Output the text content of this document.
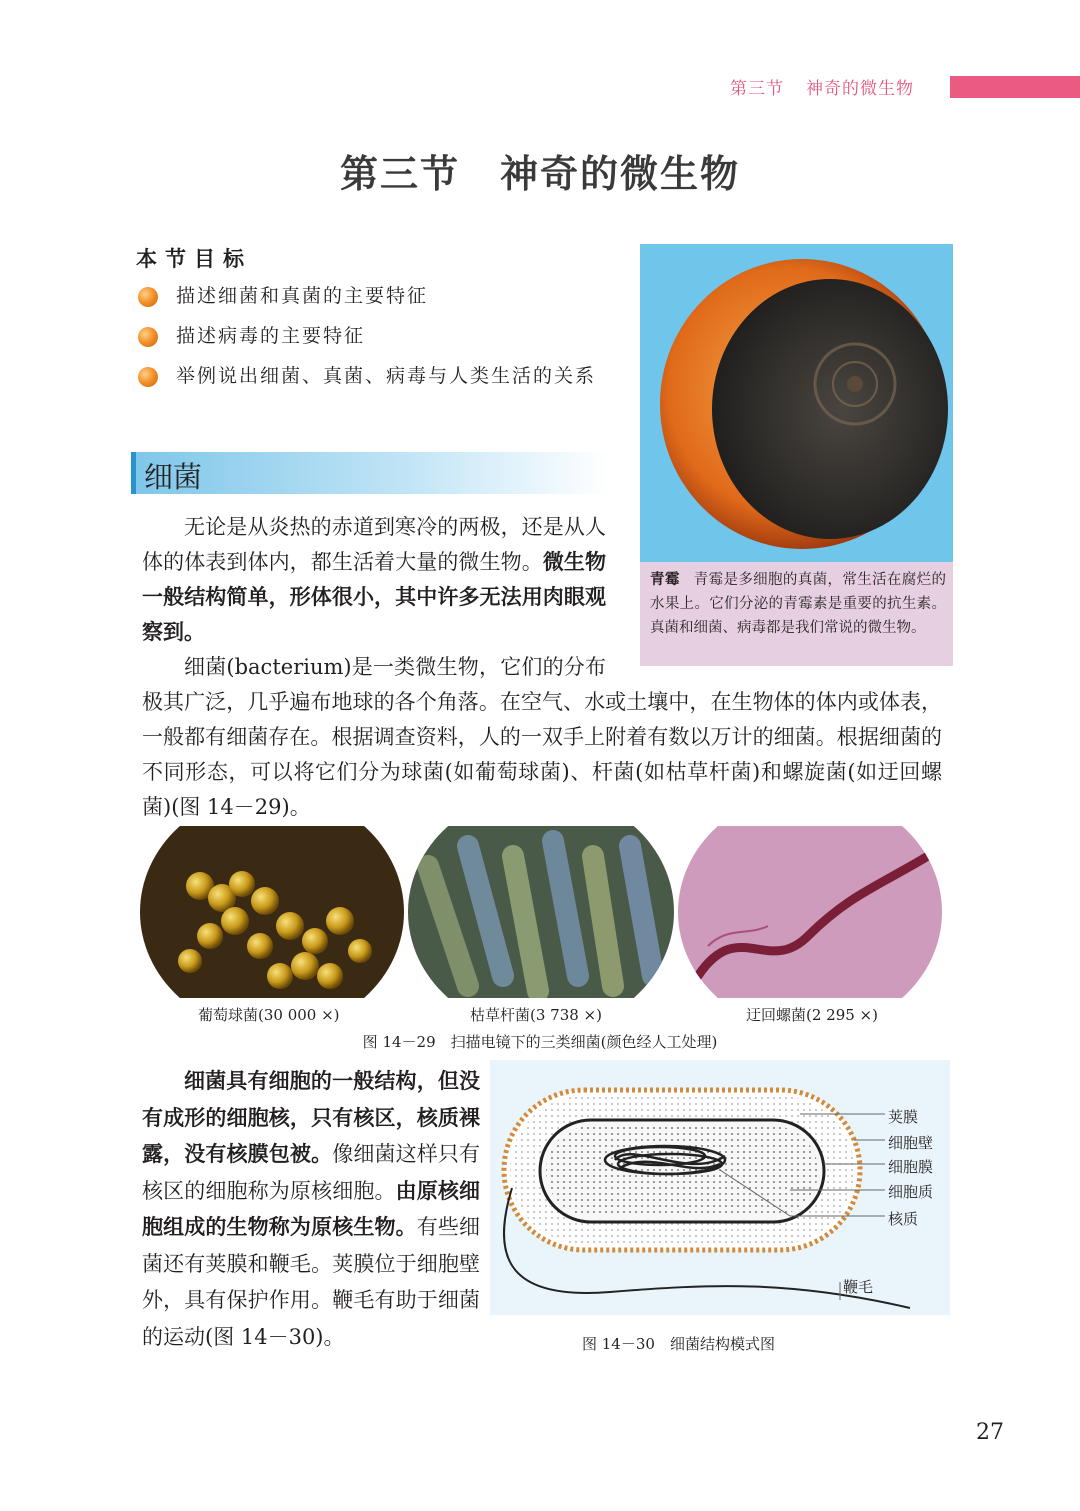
第三节 神奇的微生物
第三节　神奇的微生物
本节目标
描述细菌和真菌的主要特征
描述病毒的主要特征
举例说出细菌、真菌、病毒与人类生活的关系
细菌
无论是从炎热的赤道到寒冷的两极，还是从人体的体表到体内，都生活着大量的微生物。微生物一般结构简单，形体很小，其中许多无法用肉眼观察到。
细菌(bacterium)是一类微生物，它们的分布极其广泛，几乎遍布地球的各个角落。在空气、水或土壤中，在生物体的体内或体表，一般都有细菌存在。根据调查资料，人的一双手上附着有数以万计的细菌。根据细菌的不同形态，可以将它们分为球菌(如葡萄球菌)、杆菌(如枯草杆菌)和螺旋菌(如迂回螺菌)(图 14－29)。
青霉 青霉是多细胞的真菌，常生活在腐烂的水果上。它们分泌的青霉素是重要的抗生素。真菌和细菌、病毒都是我们常说的微生物。
葡萄球菌(30 000 ×)	枯草杆菌(3 738 ×)	迂回螺菌(2 295 ×)
图 14－29　扫描电镜下的三类细菌(颜色经人工处理)
细菌具有细胞的一般结构，但没有成形的细胞核，只有核区，核质裸露，没有核膜包被。像细菌这样只有核区的细胞称为原核细胞。由原核细胞组成的生物称为原核生物。有些细菌还有荚膜和鞭毛。荚膜位于细胞壁外，具有保护作用。鞭毛有助于细菌的运动(图 14－30)。
荚膜
细胞壁
细胞膜
细胞质
核质
鞭毛
图 14－30　细菌结构模式图
27
